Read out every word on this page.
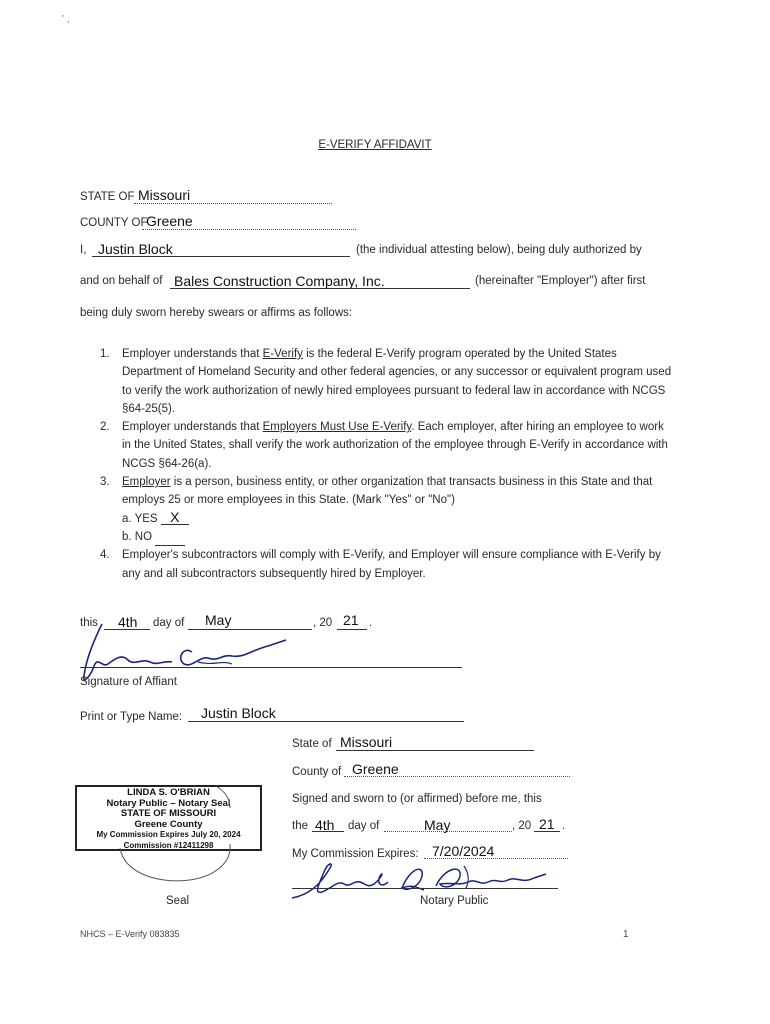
' ,
E-VERIFY AFFIDAVIT
STATE OF Missouri
COUNTY OF
Greene
I, Justin Block	(the individual attesting below), being duly authorized by
and on behalf of Bales Construction Company, Inc.	(hereinafter "Employer") after first
being duly sworn hereby swears or affirms as follows:
1. Employer understands that E-Verify is the federal E-Verify program operated by the United States Department of Homeland Security and other federal agencies, or any successor or equivalent program used to verify the work authorization of newly hired employees pursuant to federal law in accordance with NCGS §64-25(5).
2. Employer understands that Employers Must Use E-Verify. Each employer, after hiring an employee to work in the United States, shall verify the work authorization of the employee through E-Verify in accordance with NCGS §64-26(a).
3. Employer is a person, business entity, or other organization that transacts business in this State and that employs 25 or more employees in this State. (Mark "Yes" or "No")
a. YES X
b. NO
4. Employer's subcontractors will comply with E-Verify, and Employer will ensure compliance with E-Verify by any and all subcontractors subsequently hired by Employer.
this 4th day of May	, 20 21 .
Signature of Affiant
Print or Type Name: Justin Block
State of Missouri
County of Greene
Signed and sworn to (or affirmed) before me, this
the 4th day of	May	, 20 21 .
My Commission Expires: 7/20/2024
Notary Public
LINDA S. O'BRIAN
Notary Public – Notary Seal
STATE OF MISSOURI
Greene County
My Commission Expires July 20, 2024
Commission #12411298
Seal
NHCS – E-Verify 083835	1
